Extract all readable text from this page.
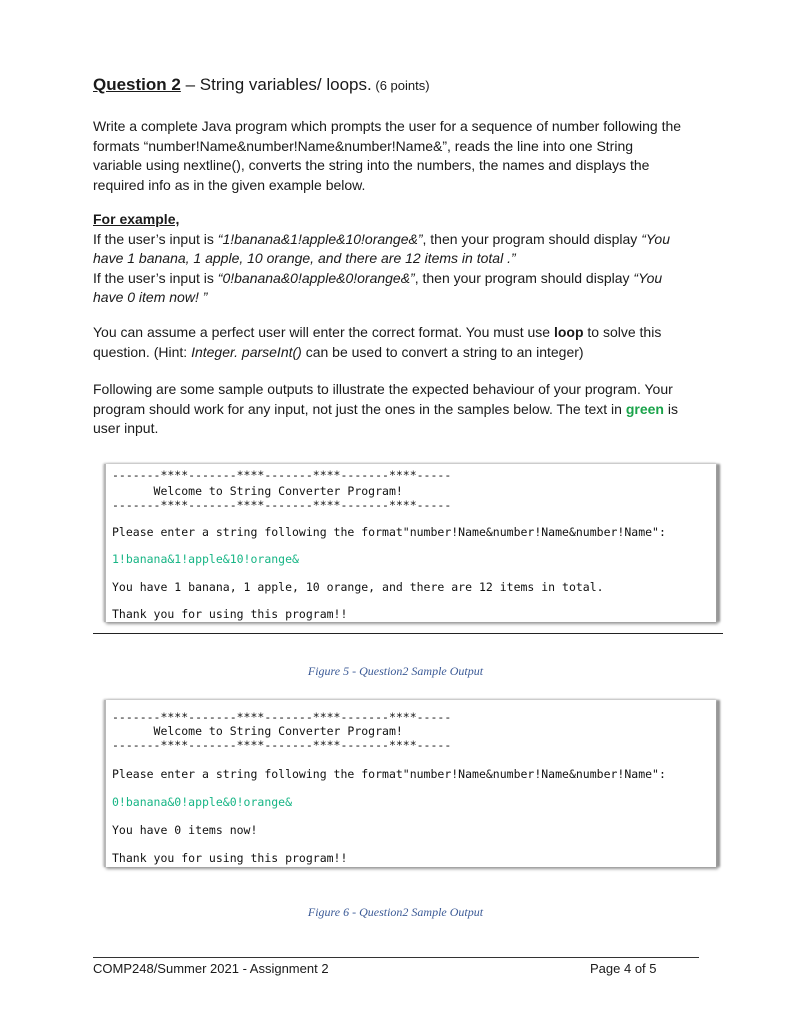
Question 2 – String variables/ loops. (6 points)
Write a complete Java program which prompts the user for a sequence of number following the
formats “number!Name&number!Name&number!Name&”, reads the line into one String
variable using nextline(), converts the string into the numbers, the names and displays the
required info as in the given example below.
For example,
If the user’s input is “1!banana&1!apple&10!orange&”, then your program should display “You
have 1 banana, 1 apple, 10 orange, and there are 12 items in total .”
If the user’s input is “0!banana&0!apple&0!orange&”, then your program should display “You
have 0 item now! ”
You can assume a perfect user will enter the correct format. You must use loop to solve this
question. (Hint: Integer. parseInt() can be used to convert a string to an integer)
Following are some sample outputs to illustrate the expected behaviour of your program. Your
program should work for any input, not just the ones in the samples below. The text in green is
user input.
-------****-------****-------****-------****-----
Welcome to String Converter Program!
-------****-------****-------****-------****-----
Please enter a string following the format"number!Name&number!Name&number!Name":
1!banana&1!apple&10!orange&
You have 1 banana, 1 apple, 10 orange, and there are 12 items in total.
Thank you for using this program!!
Figure 5 - Question2 Sample Output
-------****-------****-------****-------****-----
Welcome to String Converter Program!
-------****-------****-------****-------****-----
Please enter a string following the format"number!Name&number!Name&number!Name":
0!banana&0!apple&0!orange&
You have 0 items now!
Thank you for using this program!!
Figure 6 - Question2 Sample Output
COMP248/Summer 2021 - Assignment 2	Page 4 of 5
